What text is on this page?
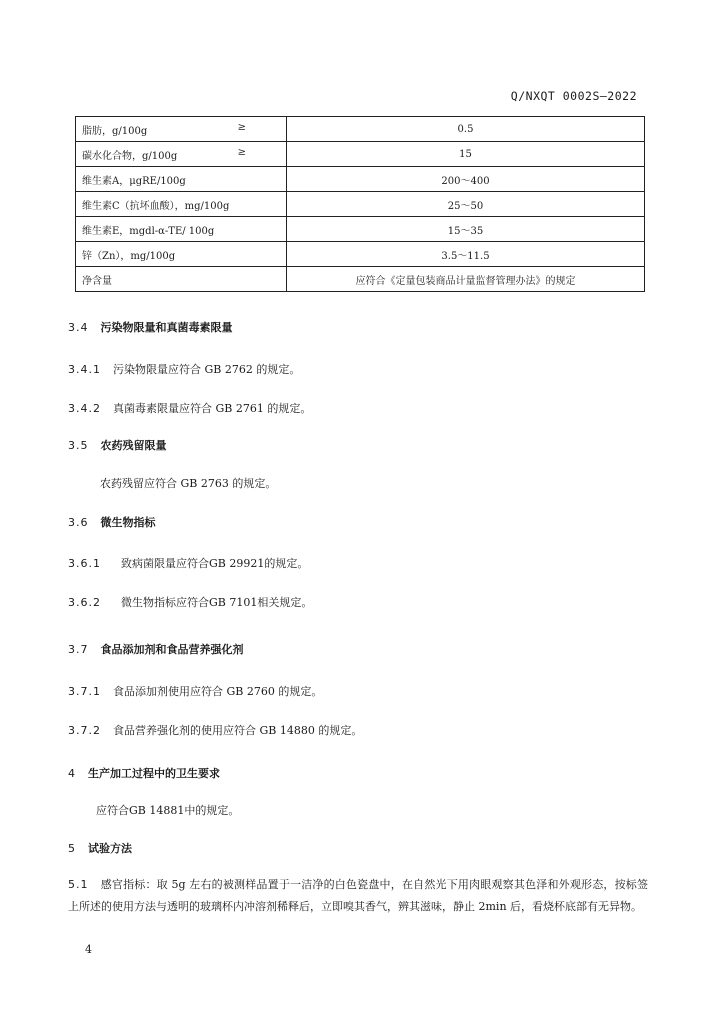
Q/NXQT 0002S—2022
脂肪，g/100g ≥	0.5

碳水化合物，g/100g ≥	15

维生素A，μgRE/100g	200～400

维生素C（抗坏血酸），mg/100g	25～50

维生素E，mgdl-α-TE/ 100g	15～35

锌（Zn），mg/100g	3.5～11.5

净含量	应符合《定量包装商品计量监督管理办法》的规定
3.4 污染物限量和真菌毒素限量
3.4.1 污染物限量应符合 GB 2762 的规定。
3.4.2 真菌毒素限量应符合 GB 2761 的规定。
3.5 农药残留限量
农药残留应符合 GB 2763 的规定。
3.6 微生物指标
3.6.1 致病菌限量应符合GB 29921的规定。
3.6.2 微生物指标应符合GB 7101相关规定。
3.7 食品添加剂和食品营养强化剂
3.7.1 食品添加剂使用应符合 GB 2760 的规定。
3.7.2 食品营养强化剂的使用应符合 GB 14880 的规定。
4 生产加工过程中的卫生要求
应符合GB 14881中的规定。
5 试验方法
5.1 感官指标：取 5g 左右的被测样品置于一洁净的白色瓷盘中，在自然光下用肉眼观察其色泽和外观形态，按标签上所述的使用方法与透明的玻璃杯内冲溶剂稀释后，立即嗅其香气，辨其滋味，静止 2min 后，看烧杯底部有无异物。
4
